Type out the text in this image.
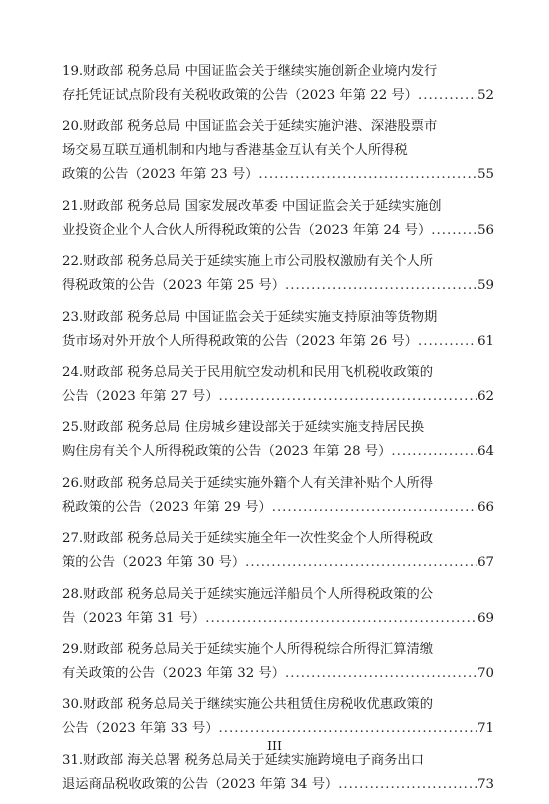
19.财政部 税务总局 中国证监会关于继续实施创新企业境内发行
存托凭证试点阶段有关税收政策的公告（2023 年第 22 号） .....	52
20.财政部 税务总局 中国证监会关于延续实施沪港、深港股票市
场交易互联互通机制和内地与香港基金互认有关个人所得税
政策的公告（2023 年第 23 号） .....	55
21.财政部 税务总局 国家发展改革委 中国证监会关于延续实施创
业投资企业个人合伙人所得税政策的公告（2023 年第 24 号） .....	56
22.财政部 税务总局关于延续实施上市公司股权激励有关个人所
得税政策的公告（2023 年第 25 号） .....	59
23.财政部 税务总局 中国证监会关于延续实施支持原油等货物期
货市场对外开放个人所得税政策的公告（2023 年第 26 号） .....	61
24.财政部 税务总局关于民用航空发动机和民用飞机税收政策的
公告（2023 年第 27 号） .....	62
25.财政部 税务总局 住房城乡建设部关于延续实施支持居民换
购住房有关个人所得税政策的公告（2023 年第 28 号） .....	64
26.财政部 税务总局关于延续实施外籍个人有关津补贴个人所得
税政策的公告（2023 年第 29 号） .....	66
27.财政部 税务总局关于延续实施全年一次性奖金个人所得税政
策的公告（2023 年第 30 号） .....	67
28.财政部 税务总局关于延续实施远洋船员个人所得税政策的公
告（2023 年第 31 号） .....	69
29.财政部 税务总局关于延续实施个人所得税综合所得汇算清缴
有关政策的公告（2023 年第 32 号） .....	70
30.财政部 税务总局关于继续实施公共租赁住房税收优惠政策的
公告（2023 年第 33 号） .....	71
31.财政部 海关总署 税务总局关于延续实施跨境电子商务出口
退运商品税收政策的公告（2023 年第 34 号） .....	73
III
